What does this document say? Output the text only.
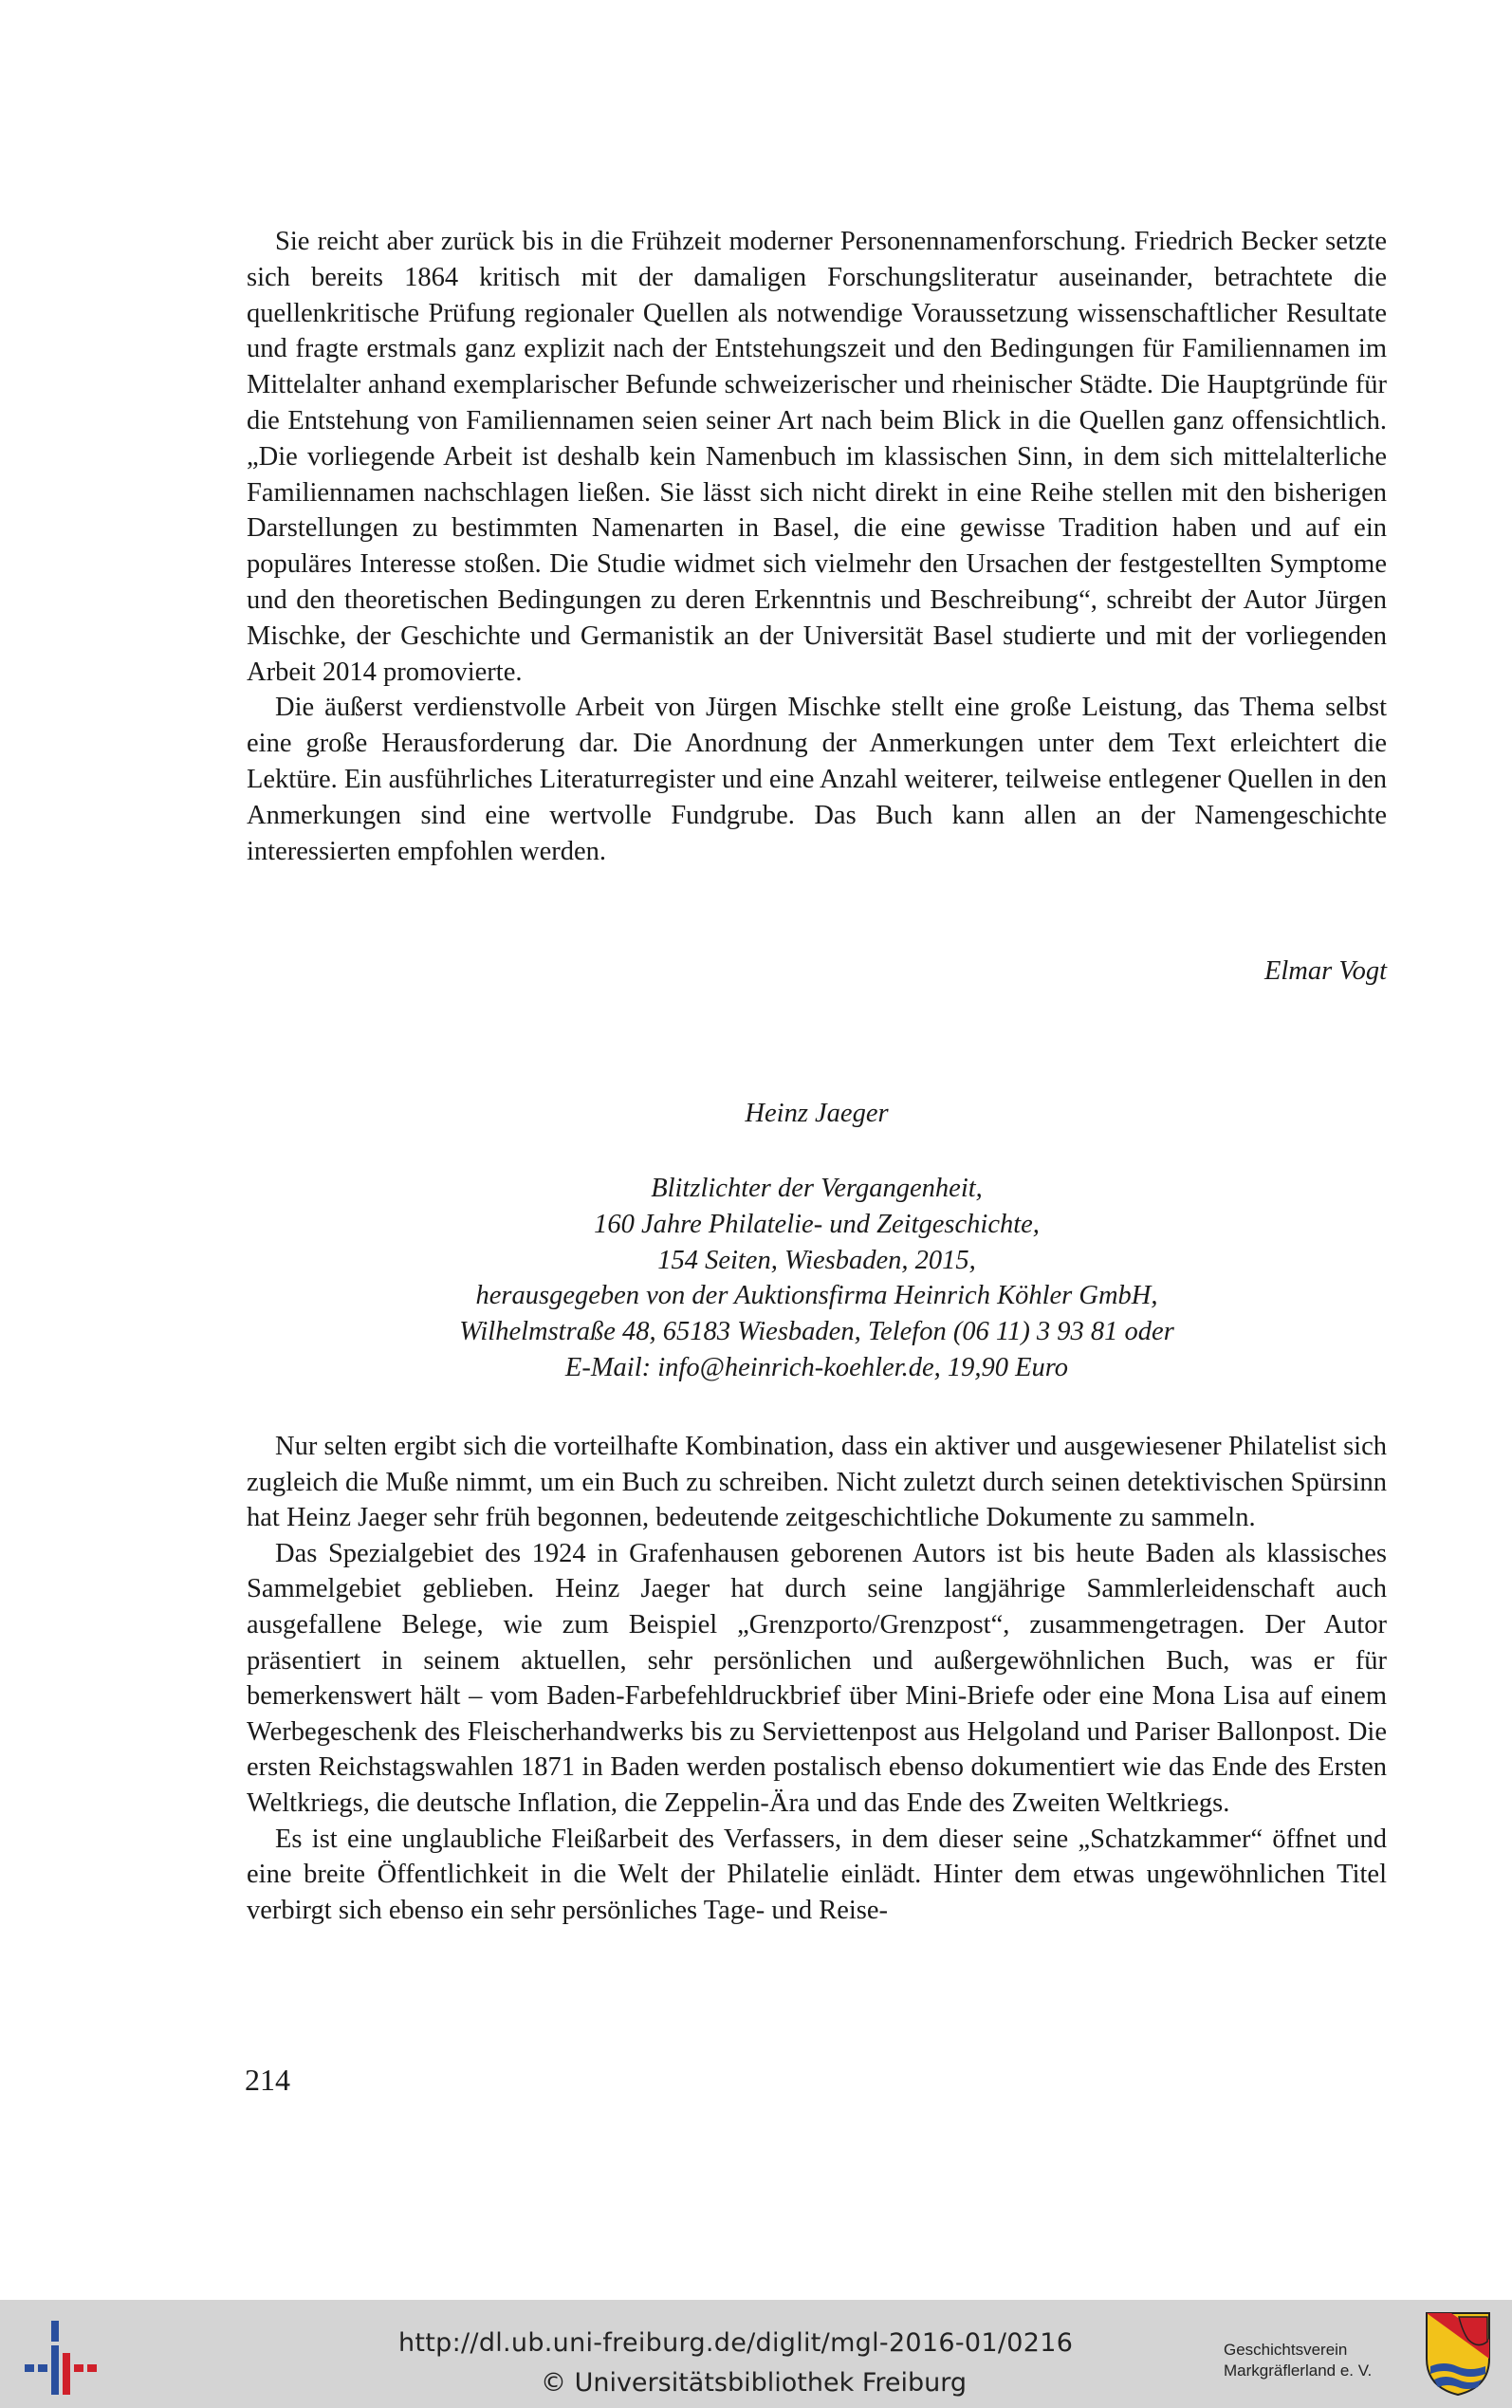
Sie reicht aber zurück bis in die Frühzeit moderner Personennamenforschung. Friedrich Becker setzte sich bereits 1864 kritisch mit der damaligen Forschungsliteratur auseinander, betrachtete die quellenkritische Prüfung regionaler Quellen als notwendige Voraussetzung wissenschaftlicher Resultate und fragte erstmals ganz explizit nach der Entstehungszeit und den Bedingungen für Familiennamen im Mittelalter anhand exemplarischer Befunde schweizerischer und rheinischer Städte. Die Hauptgründe für die Entstehung von Familiennamen seien seiner Art nach beim Blick in die Quellen ganz offensichtlich. „Die vorliegende Arbeit ist deshalb kein Namenbuch im klassischen Sinn, in dem sich mittelalterliche Familiennamen nachschlagen ließen. Sie lässt sich nicht direkt in eine Reihe stellen mit den bisherigen Darstellungen zu bestimmten Namenarten in Basel, die eine gewisse Tradition haben und auf ein populäres Interesse stoßen. Die Studie widmet sich vielmehr den Ursachen der festgestellten Symptome und den theoretischen Bedingungen zu deren Erkenntnis und Beschreibung“, schreibt der Autor Jürgen Mischke, der Geschichte und Germanistik an der Universität Basel studierte und mit der vorliegenden Arbeit 2014 promovierte.

Die äußerst verdienstvolle Arbeit von Jürgen Mischke stellt eine große Leistung, das Thema selbst eine große Herausforderung dar. Die Anordnung der Anmerkungen unter dem Text erleichtert die Lektüre. Ein ausführliches Literaturregister und eine Anzahl weiterer, teilweise entlegener Quellen in den Anmerkungen sind eine wertvolle Fundgrube. Das Buch kann allen an der Namengeschichte interessierten empfohlen werden.

Elmar Vogt
Heinz Jaeger
Blitzlichter der Vergangenheit,
160 Jahre Philatelie- und Zeitgeschichte,
154 Seiten, Wiesbaden, 2015,
herausgegeben von der Auktionsfirma Heinrich Köhler GmbH,
Wilhelmstraße 48, 65183 Wiesbaden, Telefon (06 11) 3 93 81 oder
E-Mail: info@heinrich-koehler.de, 19,90 Euro

Nur selten ergibt sich die vorteilhafte Kombination, dass ein aktiver und ausgewiesener Philatelist sich zugleich die Muße nimmt, um ein Buch zu schreiben. Nicht zuletzt durch seinen detektivischen Spürsinn hat Heinz Jaeger sehr früh begonnen, bedeutende zeitgeschichtliche Dokumente zu sammeln.

Das Spezialgebiet des 1924 in Grafenhausen geborenen Autors ist bis heute Baden als klassisches Sammelgebiet geblieben. Heinz Jaeger hat durch seine langjährige Sammlerleidenschaft auch ausgefallene Belege, wie zum Beispiel „Grenzporto/Grenzpost“, zusammengetragen. Der Autor präsentiert in seinem aktuellen, sehr persönlichen und außergewöhnlichen Buch, was er für bemerkenswert hält – vom Baden-Farbefehldruckbrief über Mini-Briefe oder eine Mona Lisa auf einem Werbegeschenk des Fleischerhandwerks bis zu Serviettenpost aus Helgoland und Pariser Ballonpost. Die ersten Reichstagswahlen 1871 in Baden werden postalisch ebenso dokumentiert wie das Ende des Ersten Weltkriegs, die deutsche Inflation, die Zeppelin-Ära und das Ende des Zweiten Weltkriegs.

Es ist eine unglaubliche Fleißarbeit des Verfassers, in dem dieser seine „Schatzkammer“ öffnet und eine breite Öffentlichkeit in die Welt der Philatelie einlädt. Hinter dem etwas ungewöhnlichen Titel verbirgt sich ebenso ein sehr persönliches Tage- und Reise-

214
http://dl.ub.uni-freiburg.de/diglit/mgl-2016-01/0216
© Universitätsbibliothek Freiburg
Geschichtsverein
Markgräflerland e. V.
